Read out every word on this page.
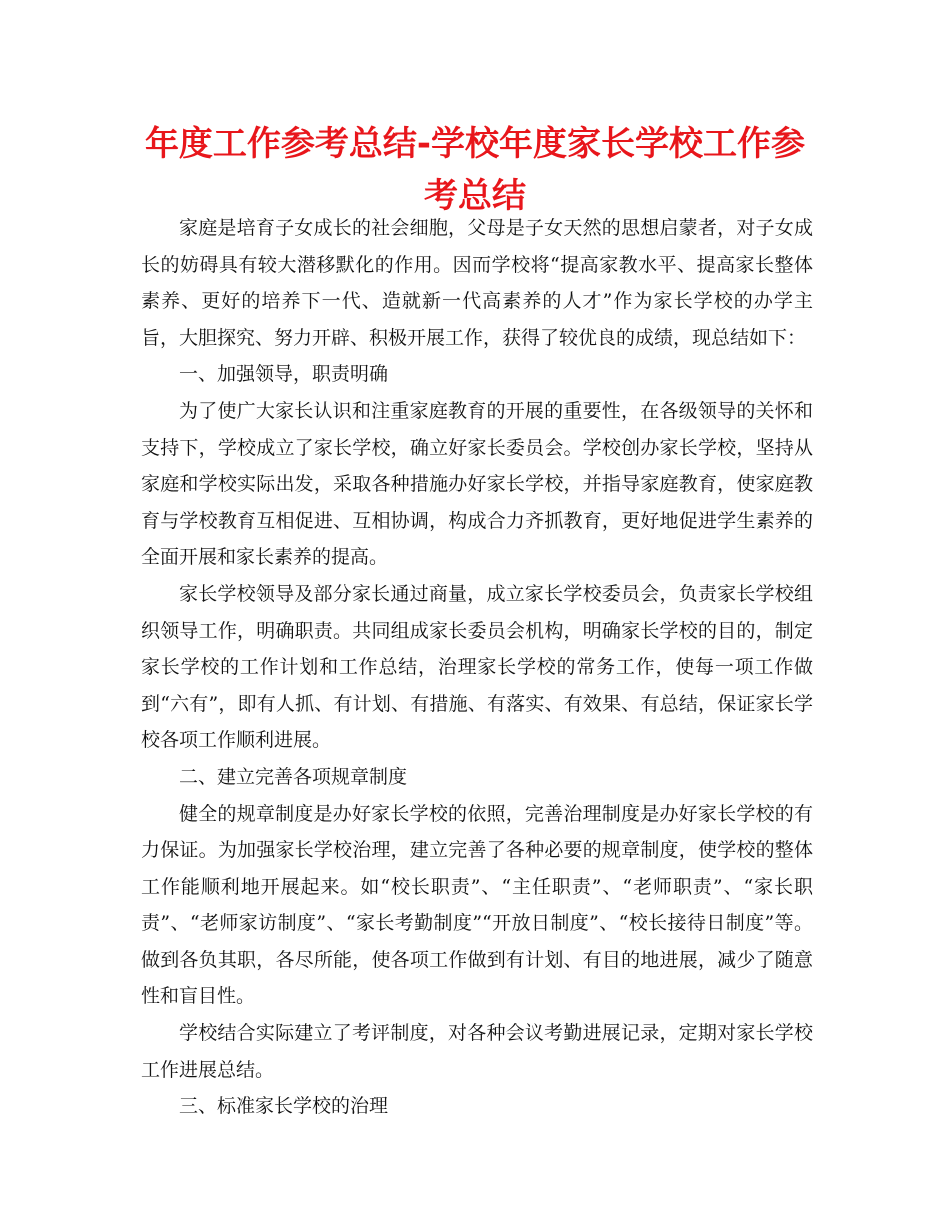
年度工作参考总结-学校年度家长学校工作参考总结

家庭是培育子女成长的社会细胞，父母是子女天然的思想启蒙者，对子女成长的妨碍具有较大潜移默化的作用。因而学校将“提高家教水平、提高家长整体素养、更好的培养下一代、造就新一代高素养的人才”作为家长学校的办学主旨，大胆探究、努力开辟、积极开展工作，获得了较优良的成绩，现总结如下：

一、加强领导，职责明确

为了使广大家长认识和注重家庭教育的开展的重要性，在各级领导的关怀和支持下，学校成立了家长学校，确立好家长委员会。学校创办家长学校，坚持从家庭和学校实际出发，采取各种措施办好家长学校，并指导家庭教育，使家庭教育与学校教育互相促进、互相协调，构成合力齐抓教育，更好地促进学生素养的全面开展和家长素养的提高。

家长学校领导及部分家长通过商量，成立家长学校委员会，负责家长学校组织领导工作，明确职责。共同组成家长委员会机构，明确家长学校的目的，制定家长学校的工作计划和工作总结，治理家长学校的常务工作，使每一项工作做到“六有”，即有人抓、有计划、有措施、有落实、有效果、有总结，保证家长学校各项工作顺利进展。

二、建立完善各项规章制度

健全的规章制度是办好家长学校的依照，完善治理制度是办好家长学校的有力保证。为加强家长学校治理，建立完善了各种必要的规章制度，使学校的整体工作能顺利地开展起来。如“校长职责”、“主任职责”、“老师职责”、“家长职责”、“老师家访制度”、“家长考勤制度”“开放日制度”、“校长接待日制度”等。做到各负其职，各尽所能，使各项工作做到有计划、有目的地进展，减少了随意性和盲目性。

学校结合实际建立了考评制度，对各种会议考勤进展记录，定期对家长学校工作进展总结。

三、标准家长学校的治理
